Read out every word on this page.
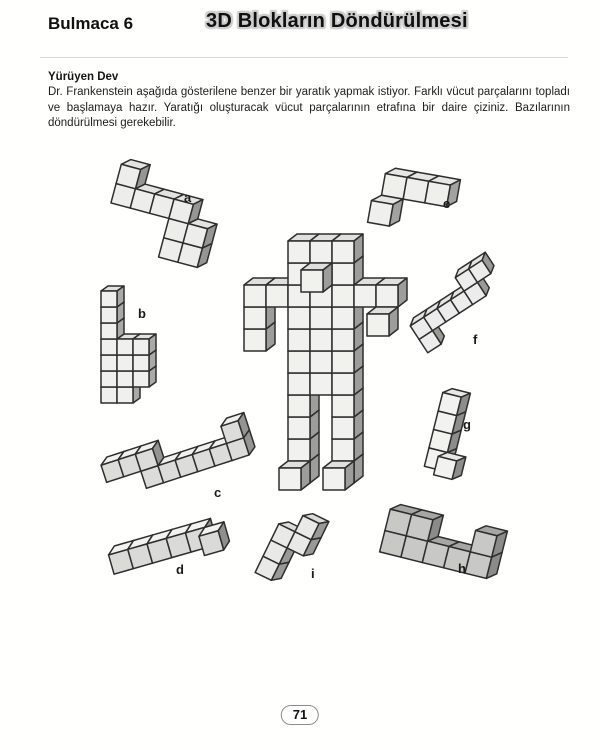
Bulmaca 6	3D Blokların Döndürülmesi
Yürüyen Dev

Dr. Frankenstein aşağıda gösterilene benzer bir yaratık yapmak istiyor. Farklı vücut parçalarını topladı ve başlamaya hazır. Yaratığı oluşturacak vücut parçalarının etrafına bir daire çiziniz. Bazılarının döndürülmesi gerekebilir.

a
b
c
d
e
f
g
h
i
71
